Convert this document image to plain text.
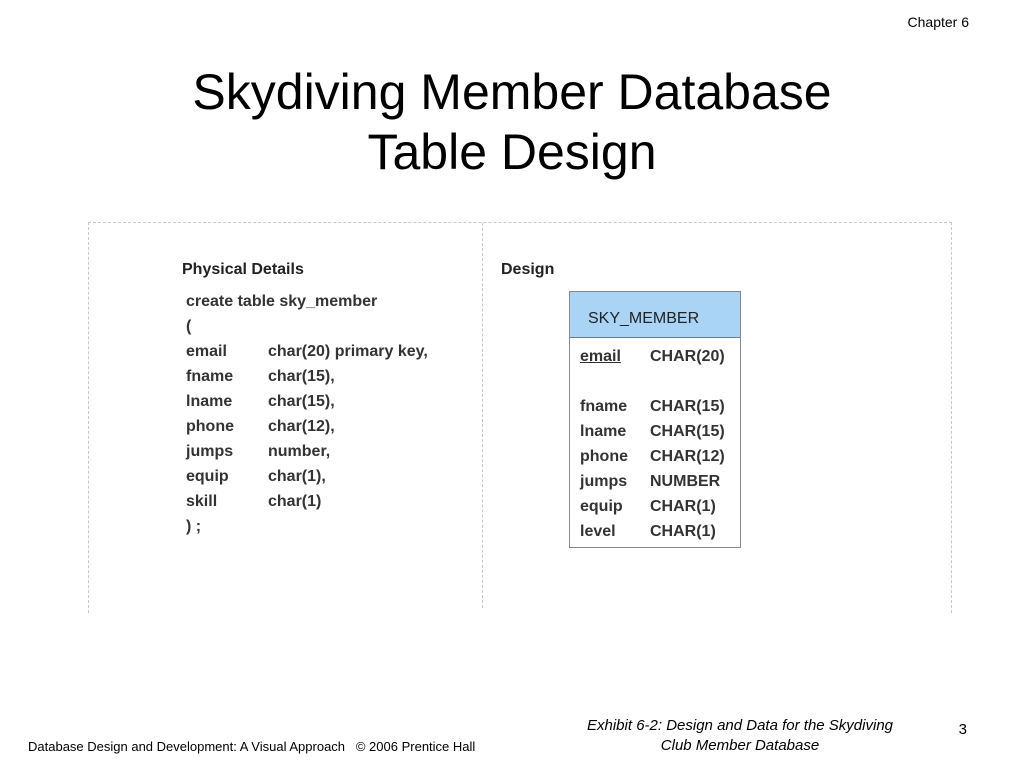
Chapter 6
Skydiving Member Database
Table Design
Physical Details
create table sky_member
(
email	char(20) primary key,
fname char(15),
lname char(15),
phone char(12),
jumps number,
equip char(1),
skill	char(1)
) ;
Design
SKY_MEMBER
email CHAR(20)
fname CHAR(15)
lname CHAR(15)
phone CHAR(12)
jumps NUMBER
equip CHAR(1)
level CHAR(1)
Exhibit 6-2: Design and Data for the Skydiving
Club Member Database
3
Database Design and Development: A Visual Approach   © 2006 Prentice Hall
